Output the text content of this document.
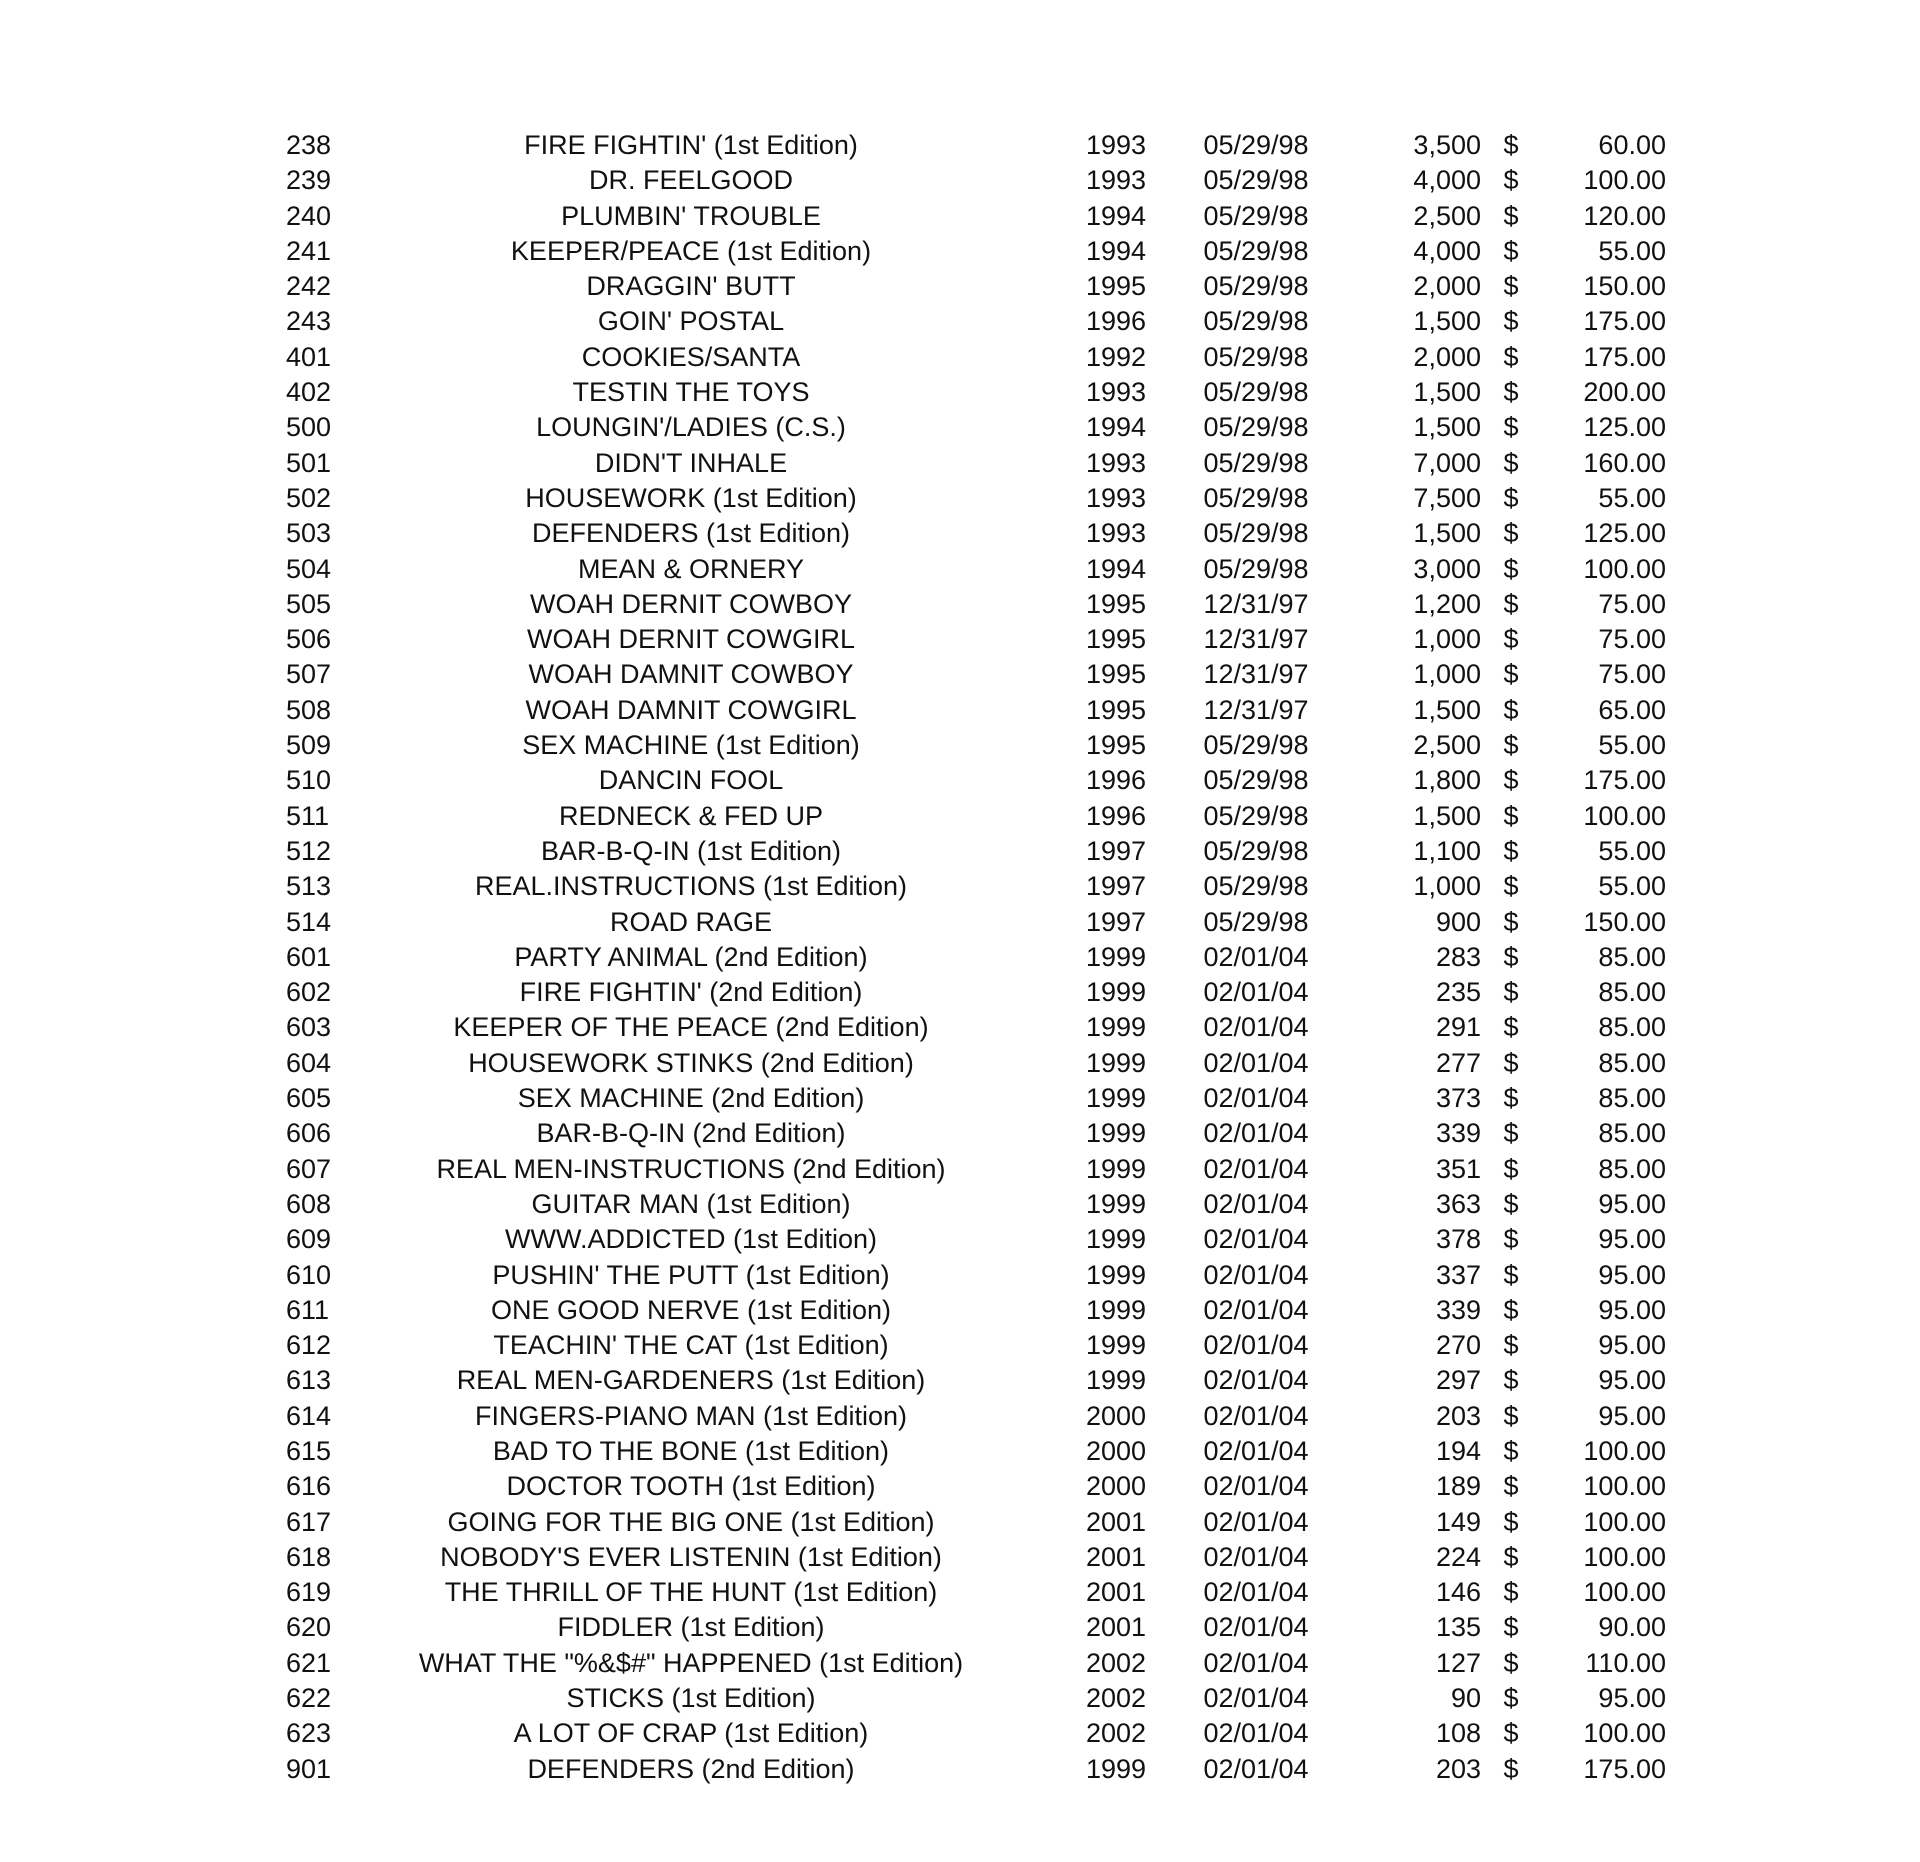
238	FIRE FIGHTIN' (1st Edition)	1993	05/29/98	3,500 $	60.00
239	DR. FEELGOOD	1993	05/29/98	4,000 $	100.00
240	PLUMBIN' TROUBLE	1994	05/29/98	2,500 $	120.00
241	KEEPER/PEACE (1st Edition)	1994	05/29/98	4,000 $	55.00
242	DRAGGIN' BUTT	1995	05/29/98	2,000 $	150.00
243	GOIN' POSTAL	1996	05/29/98	1,500 $	175.00
401	COOKIES/SANTA	1992	05/29/98	2,000 $	175.00
402	TESTIN THE TOYS	1993	05/29/98	1,500 $	200.00
500	LOUNGIN'/LADIES (C.S.)	1994	05/29/98	1,500 $	125.00
501	DIDN'T INHALE	1993	05/29/98	7,000 $	160.00
502	HOUSEWORK (1st Edition)	1993	05/29/98	7,500 $	55.00
503	DEFENDERS (1st Edition)	1993	05/29/98	1,500 $	125.00
504	MEAN & ORNERY	1994	05/29/98	3,000 $	100.00
505	WOAH DERNIT COWBOY	1995	12/31/97	1,200 $	75.00
506	WOAH DERNIT COWGIRL	1995	12/31/97	1,000 $	75.00
507	WOAH DAMNIT COWBOY	1995	12/31/97	1,000 $	75.00
508	WOAH DAMNIT COWGIRL	1995	12/31/97	1,500 $	65.00
509	SEX MACHINE (1st Edition)	1995	05/29/98	2,500 $	55.00
510	DANCIN FOOL	1996	05/29/98	1,800 $	175.00
511	REDNECK & FED UP	1996	05/29/98	1,500 $	100.00
512	BAR-B-Q-IN (1st Edition)	1997	05/29/98	1,100 $	55.00
513	REAL.INSTRUCTIONS (1st Edition)	1997	05/29/98	1,000 $	55.00
514	ROAD RAGE	1997	05/29/98	900 $	150.00
601	PARTY ANIMAL (2nd Edition)	1999	02/01/04	283 $	85.00
602	FIRE FIGHTIN' (2nd Edition)	1999	02/01/04	235 $	85.00
603	KEEPER OF THE PEACE (2nd Edition)	1999	02/01/04	291 $	85.00
604	HOUSEWORK STINKS (2nd Edition)	1999	02/01/04	277 $	85.00
605	SEX MACHINE (2nd Edition)	1999	02/01/04	373 $	85.00
606	BAR-B-Q-IN (2nd Edition)	1999	02/01/04	339 $	85.00
607	REAL MEN-INSTRUCTIONS (2nd Edition)	1999	02/01/04	351 $	85.00
608	GUITAR MAN (1st Edition)	1999	02/01/04	363 $	95.00
609	WWW.ADDICTED (1st Edition)	1999	02/01/04	378 $	95.00
610	PUSHIN' THE PUTT (1st Edition)	1999	02/01/04	337 $	95.00
611	ONE GOOD NERVE (1st Edition)	1999	02/01/04	339 $	95.00
612	TEACHIN' THE CAT (1st Edition)	1999	02/01/04	270 $	95.00
613	REAL MEN-GARDENERS (1st Edition)	1999	02/01/04	297 $	95.00
614	FINGERS-PIANO MAN (1st Edition)	2000	02/01/04	203 $	95.00
615	BAD TO THE BONE (1st Edition)	2000	02/01/04	194 $	100.00
616	DOCTOR TOOTH (1st Edition)	2000	02/01/04	189 $	100.00
617	GOING FOR THE BIG ONE (1st Edition)	2001	02/01/04	149 $	100.00
618	NOBODY'S EVER LISTENIN (1st Edition)	2001	02/01/04	224 $	100.00
619	THE THRILL OF THE HUNT (1st Edition)	2001	02/01/04	146 $	100.00
620	FIDDLER (1st Edition)	2001	02/01/04	135 $	90.00
621	WHAT THE "%&$#" HAPPENED (1st Edition)	2002	02/01/04	127 $	110.00
622	STICKS (1st Edition)	2002	02/01/04	90 $	95.00
623	A LOT OF CRAP (1st Edition)	2002	02/01/04	108 $	100.00
901	DEFENDERS (2nd Edition)	1999	02/01/04	203 $	175.00
